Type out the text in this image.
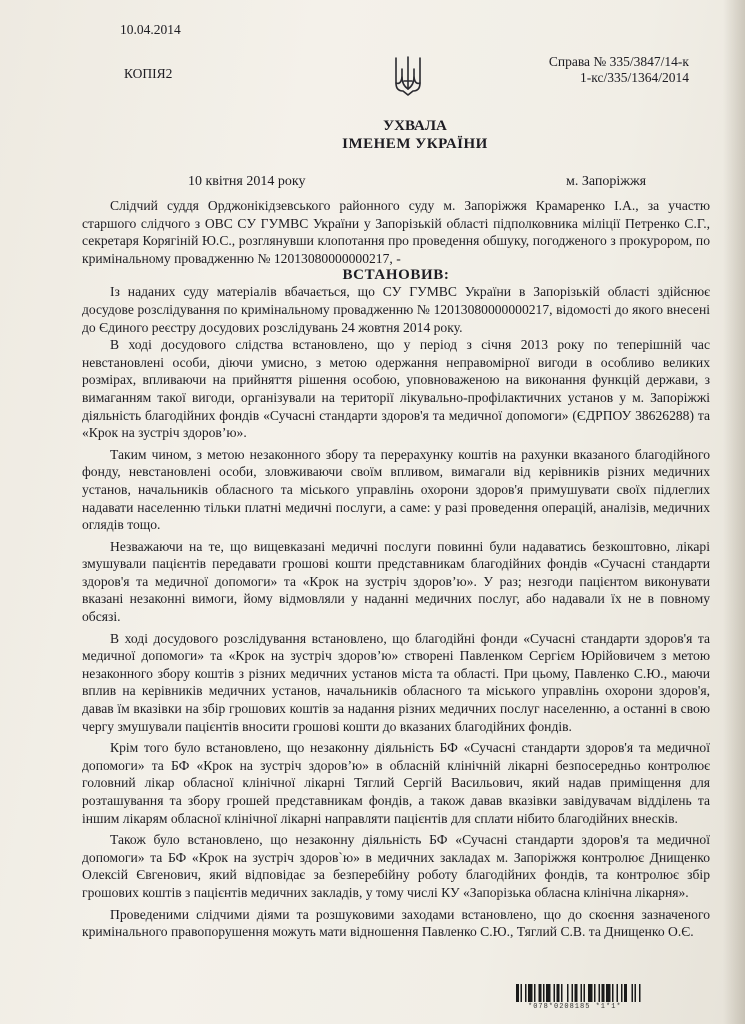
10.04.2014
КОПІЯ2
Справа № 335/3847/14-к
1-кс/335/1364/2014
УХВАЛА
ІМЕНЕМ УКРАЇНИ
10 квітня 2014 року	м. Запоріжжя

Слідчий суддя Орджонікідзевського районного суду м. Запоріжжя Крамаренко І.А., за участю старшого слідчого з ОВС СУ ГУМВС України у Запорізькій області підполковника міліції Петренко С.Г., секретаря Корягіній Ю.С., розглянувши клопотання про проведення обшуку, погодженого з прокурором, по кримінальному провадженню № 12013080000000217, -

ВСТАНОВИВ:

Із наданих суду матеріалів вбачається, що СУ ГУМВС України в Запорізькій області здійснює досудове розслідування по кримінальному провадженню № 12013080000000217, відомості до якого внесені до Єдиного реєстру досудових розслідувань 24 жовтня 2014 року.

В ході досудового слідства встановлено, що у період з січня 2013 року по теперішній час невстановлені особи, діючи умисно, з метою одержання неправомірної вигоди в особливо великих розмірах, впливаючи на прийняття рішення особою, уповноваженою на виконання функцій держави, з вимаганням такої вигоди, організували на території лікувально-профілактичних установ у м. Запоріжжі діяльність благодійних фондів «Сучасні стандарти здоров'я та медичної допомоги» (ЄДРПОУ 38626288) та «Крок на зустріч здоров’ю».

Таким чином, з метою незаконного збору та перерахунку коштів на рахунки вказаного благодійного фонду, невстановлені особи, зловживаючи своїм впливом, вимагали від керівників різних медичних установ, начальників обласного та міського управлінь охорони здоров'я примушувати своїх підлеглих надавати населенню тільки платні медичні послуги, а саме: у разі проведення операцій, аналізів, медичних оглядів тощо.

Незважаючи на те, що вищевказані медичні послуги повинні були надаватись безкоштовно, лікарі змушували пацієнтів передавати грошові кошти представникам благодійних фондів «Сучасні стандарти здоров'я та медичної допомоги» та «Крок на зустріч здоров’ю». У раз; незгоди пацієнтом виконувати вказані незаконні вимоги, йому відмовляли у наданні медичних послуг, або надавали їх не в повному обсязі.

В ході досудового розслідування встановлено, що благодійні фонди «Сучасні стандарти здоров'я та медичної допомоги» та «Крок на зустріч здоров’ю» створені Павленком Сергієм Юрійовичем з метою незаконного збору коштів з різних медичних установ міста та області. При цьому, Павленко С.Ю., маючи вплив на керівників медичних установ, начальників обласного та міського управлінь охорони здоров'я, давав їм вказівки на збір грошових коштів за надання різних медичних послуг населенню, а останні в свою чергу змушували пацієнтів вносити грошові кошти до вказаних благодійних фондів.

Крім того було встановлено, що незаконну діяльність БФ «Сучасні стандарти здоров'я та медичної допомоги» та БФ «Крок на зустріч здоров’ю» в обласній клінічній лікарні безпосередньо контролює головний лікар обласної клінічної лікарні Тяглий Сергій Васильович, який надав приміщення для розташування та збору грошей представникам фондів, а також давав вказівки завідувачам відділень та іншим лікарям обласної клінічної лікарні направляти пацієнтів для сплати нібито благодійних внесків.

Також було встановлено, що незаконну діяльність БФ «Сучасні стандарти здоров'я та медичної допомоги» та БФ «Крок на зустріч здоров`ю» в медичних закладах м. Запоріжжя контролює Днищенко Олексій Євгенович, який відповідає за безперебійну роботу благодійних фондів, та контролює збір грошових коштів з пацієнтів медичних закладів, у тому числі КУ «Запорізька обласна клінічна лікарня».

Проведеними слідчими діями та розшуковими заходами встановлено, що до скоєння зазначеного кримінального правопорушення можуть мати відношення Павленко С.Ю., Тяглий С.В. та Днищенко О.Є.

*078*0208185 *1*1*
